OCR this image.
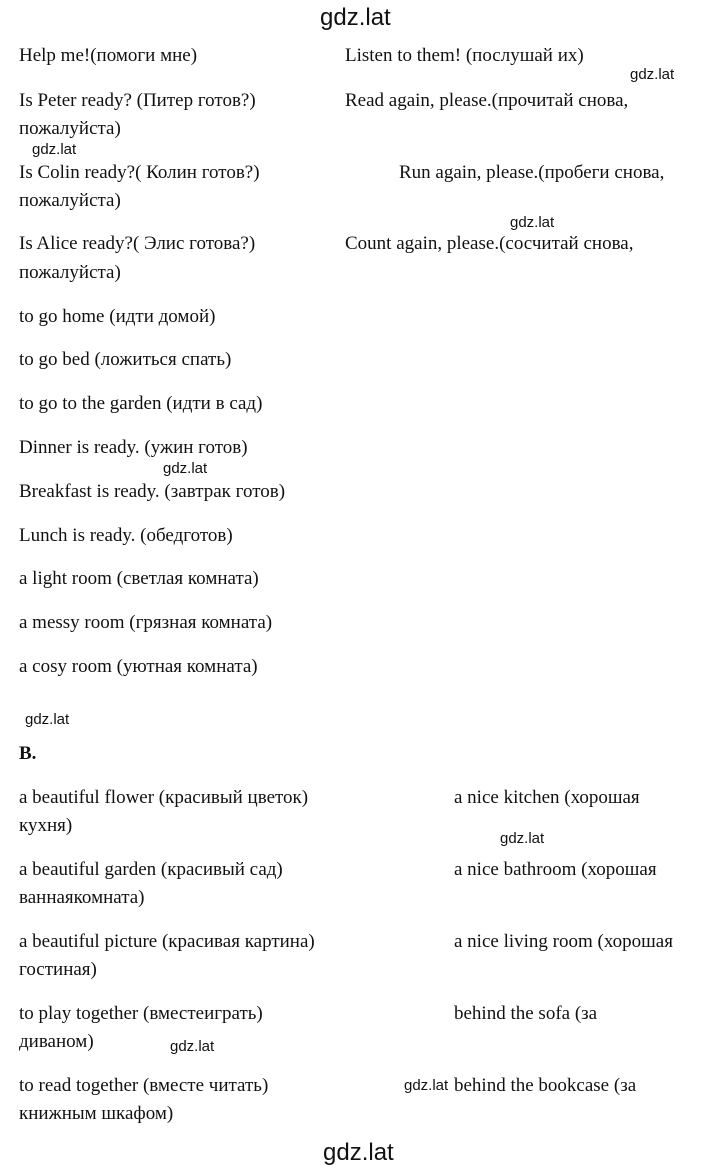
gdz.lat
gdz.lat
gdz.lat
gdz.lat
gdz.lat
gdz.lat
gdz.lat
gdz.lat
gdz.lat
gdz.lat

Help me!(помоги мне)	Listen to them! (послушай их)

Is Peter ready? (Питер готов?)	Read again, please.(прочитай снова,

пожалуйста)

Is Colin ready?( Колин готов?)	Run again, please.(пробеги снова,

пожалуйста)

Is Alice ready?( Элис готова?)	Count again, please.(сосчитай снова,

пожалуйста)

to go home (идти домой)

to go bed (ложиться спать)

to go to the garden (идти в сад)

Dinner is ready. (ужин готов)

Breakfast is ready. (завтрак готов)

Lunch is ready. (обедготов)

a light room (светлая комната)

a messy room (грязная комната)

a cosy room (уютная комната)

B.

a beautiful flower (красивый цветок)	a nice kitchen (хорошая

кухня)

a beautiful garden (красивый сад)	a nice bathroom (хорошая

ваннаякомната)

a beautiful picture (красивая картина)	a nice living room (хорошая

гостиная)

to play together (вместеиграть)	behind the sofa (за

диваном)

to read together (вместе читать)	behind the bookcase (за

книжным шкафом)
